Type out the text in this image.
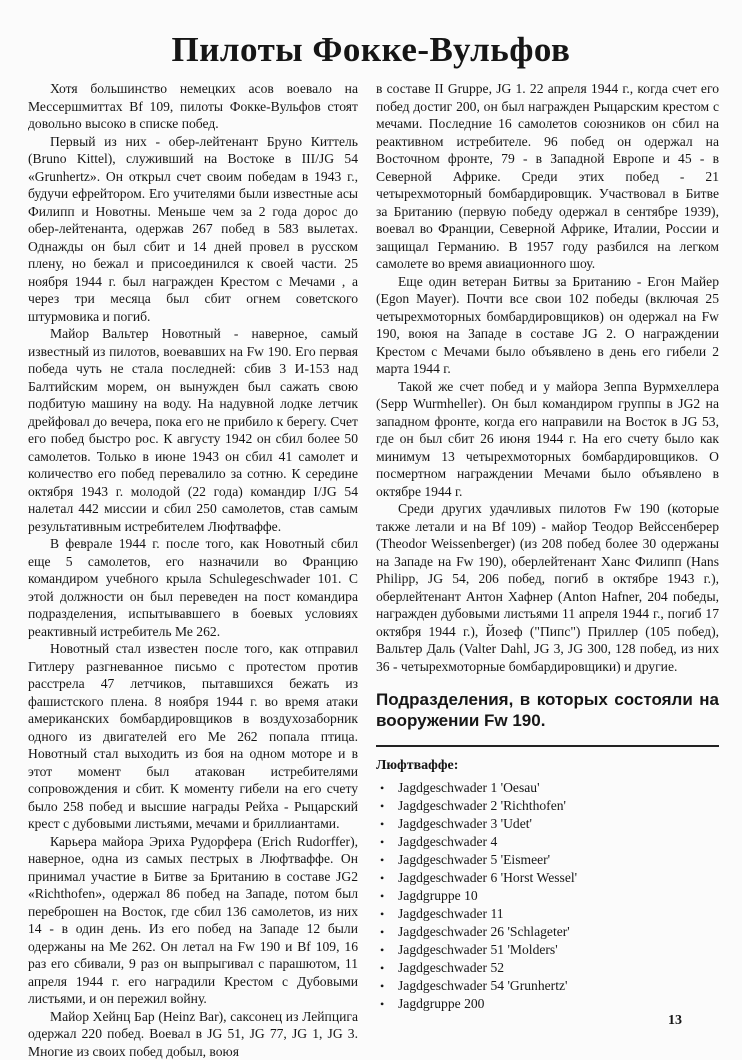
Пилоты Фокке-Вульфов

Хотя большинство немецких асов воевало на Мессершмиттах Bf 109, пилоты Фокке-Вульфов стоят довольно высоко в списке побед.

Первый из них - обер-лейтенант Бруно Киттель (Bruno Kittel), служивший на Востоке в III/JG 54 «Grunhertz». Он открыл счет своим победам в 1943 г., будучи ефрейтором. Его учителями были известные асы Филипп и Новотны. Меньше чем за 2 года дорос до обер-лейтенанта, одержав 267 побед в 583 вылетах. Однажды он был сбит и 14 дней провел в русском плену, но бежал и присоединился к своей части. 25 ноября 1944 г. был награжден Крестом с Мечами , а через три месяца был сбит огнем советского штурмовика и погиб.

Майор Вальтер Новотный - наверное, самый известный из пилотов, воевавших на Fw 190. Его первая победа чуть не стала последней: сбив 3 И-153 над Балтийским морем, он вынужден был сажать свою подбитую машину на воду. На надувной лодке летчик дрейфовал до вечера, пока его не прибило к берегу. Счет его побед быстро рос. К августу 1942 он сбил более 50 самолетов. Только в июне 1943 он сбил 41 самолет и количество его побед перевалило за сотню. К середине октября 1943 г. молодой (22 года) командир I/JG 54 налетал 442 миссии и сбил 250 самолетов, став самым результативным истребителем Люфтваффе.

В феврале 1944 г. после того, как Новотный сбил еще 5 самолетов, его назначили во Францию командиром учебного крыла Schulegeschwader 101. С этой должности он был переведен на пост командира подразделения, испытывавшего в боевых условиях реактивный истребитель Ме 262.

Новотный стал известен после того, как отправил Гитлеру разгневанное письмо с протестом против расстрела 47 летчиков, пытавшихся бежать из фашистского плена. 8 ноября 1944 г. во время атаки американских бомбардировщиков в воздухозаборник одного из двигателей его Ме 262 попала птица. Новотный стал выходить из боя на одном моторе и в этот момент был атакован истребителями сопровождения и сбит. К моменту гибели на его счету было 258 побед и высшие награды Рейха - Рыцарский крест с дубовыми листьями, мечами и бриллиантами.

Карьера майора Эриха Рудорфера (Erich Rudorffer), наверное, одна из самых пестрых в Люфтваффе. Он принимал участие в Битве за Британию в составе JG2 «Richthofen», одержал 86 побед на Западе, потом был переброшен на Восток, где сбил 136 самолетов, из них 14 - в один день. Из его побед на Западе 12 были одержаны на Ме 262. Он летал на Fw 190 и Bf 109, 16 раз его сбивали, 9 раз он выпрыгивал с парашютом, 11 апреля 1944 г. его наградили Крестом с Дубовыми листьями, и он пережил войну.

Майор Хейнц Бар (Heinz Bar), саксонец из Лейпцига одержал 220 побед. Воевал в JG 51, JG 77, JG 1, JG 3. Многие из своих побед добыл, воюя

в составе II Gruppe, JG 1. 22 апреля 1944 г., когда счет его побед достиг 200, он был награжден Рыцарским крестом с мечами. Последние 16 самолетов союзников он сбил на реактивном истребителе. 96 побед он одержал на Восточном фронте, 79 - в Западной Европе и 45 - в Северной Африке. Среди этих побед - 21 четырехмоторный бомбардировщик. Участвовал в Битве за Британию (первую победу одержал в сентябре 1939), воевал во Франции, Северной Африке, Италии, России и защищал Германию. В 1957 году разбился на легком самолете во время авиационного шоу.

Еще один ветеран Битвы за Британию - Егон Майер (Egon Mayer). Почти все свои 102 победы (включая 25 четырехмоторных бомбардировщиков) он одержал на Fw 190, воюя на Западе в составе JG 2. О награждении Крестом с Мечами было объявлено в день его гибели 2 марта 1944 г.

Такой же счет побед и у майора Зеппа Вурмхеллера (Sepp Wurmheller). Он был командиром группы в JG2 на западном фронте, когда его направили на Восток в JG 53, где он был сбит 26 июня 1944 г. На его счету было как минимум 13 четырехмоторных бомбардировщиков. О посмертном награждении Мечами было объявлено в октябре 1944 г.

Среди других удачливых пилотов Fw 190 (которые также летали и на Bf 109) - майор Теодор Вейссенберер (Theodor Weissenberger) (из 208 побед более 30 одержаны на Западе на Fw 190), оберлейтенант Ханс Филипп (Hans Philipp, JG 54, 206 побед, погиб в октябре 1943 г.), оберлейтенант Антон Хафнер (Anton Hafner, 204 победы, награжден дубовыми листьями 11 апреля 1944 г., погиб 17 октября 1944 г.), Йозеф ("Пипс") Приллер (105 побед), Вальтер Даль (Valter Dahl, JG 3, JG 300, 128 побед, из них 36 - четырехмоторные бомбардировщики) и другие.

Подразделения, в которых состояли на вооружении Fw 190.
Люфтваффе:
• Jagdgeschwader 1 'Oesau'
• Jagdgeschwader 2 'Richthofen'
• Jagdgeschwader 3 'Udet'
• Jagdgeschwader 4
• Jagdgeschwader 5 'Eismeer'
• Jagdgeschwader 6 'Horst Wessel'
• Jagdgruppe 10
• Jagdgeschwader 11
• Jagdgeschwader 26 'Schlageter'
• Jagdgeschwader 51 'Molders'
• Jagdgeschwader 52
• Jagdgeschwader 54 'Grunhertz'
• Jagdgruppe 200
13
